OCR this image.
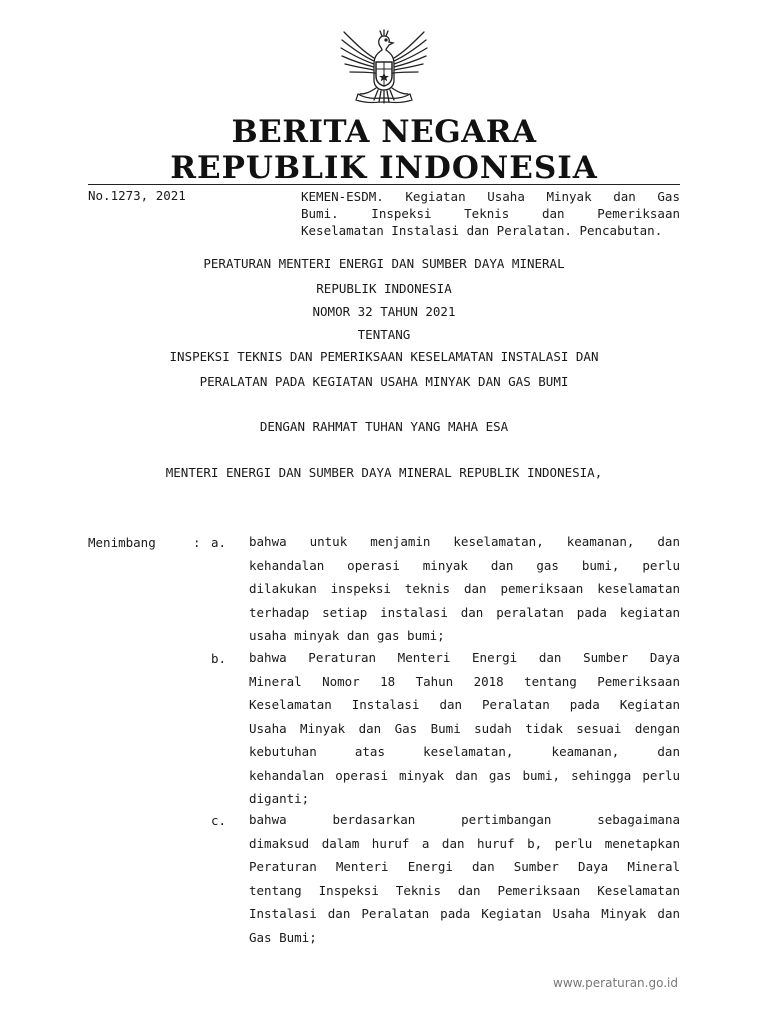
BERITA NEGARA
REPUBLIK INDONESIA
No.1273, 2021	KEMEN-ESDM. Kegiatan Usaha Minyak dan Gas
Bumi. Inspeksi Teknis dan Pemeriksaan
Keselamatan Instalasi dan Peralatan. Pencabutan.
PERATURAN MENTERI ENERGI DAN SUMBER DAYA MINERAL
REPUBLIK INDONESIA
NOMOR 32 TAHUN 2021
TENTANG
INSPEKSI TEKNIS DAN PEMERIKSAAN KESELAMATAN INSTALASI DAN
PERALATAN PADA KEGIATAN USAHA MINYAK DAN GAS BUMI
DENGAN RAHMAT TUHAN YANG MAHA ESA
MENTERI ENERGI DAN SUMBER DAYA MINERAL REPUBLIK INDONESIA,
Menimbang	: a. bahwa untuk menjamin keselamatan, keamanan, dan
kehandalan operasi minyak dan gas bumi, perlu
dilakukan inspeksi teknis dan pemeriksaan keselamatan
terhadap setiap instalasi dan peralatan pada kegiatan
usaha minyak dan gas bumi;
b. bahwa Peraturan Menteri Energi dan Sumber Daya
Mineral Nomor 18 Tahun 2018 tentang Pemeriksaan
Keselamatan Instalasi dan Peralatan pada Kegiatan
Usaha Minyak dan Gas Bumi sudah tidak sesuai dengan
kebutuhan atas keselamatan, keamanan, dan
kehandalan operasi minyak dan gas bumi, sehingga perlu
diganti;
c. bahwa berdasarkan pertimbangan sebagaimana
dimaksud dalam huruf a dan huruf b, perlu menetapkan
Peraturan Menteri Energi dan Sumber Daya Mineral
tentang Inspeksi Teknis dan Pemeriksaan Keselamatan
Instalasi dan Peralatan pada Kegiatan Usaha Minyak dan
Gas Bumi;
www.peraturan.go.id
